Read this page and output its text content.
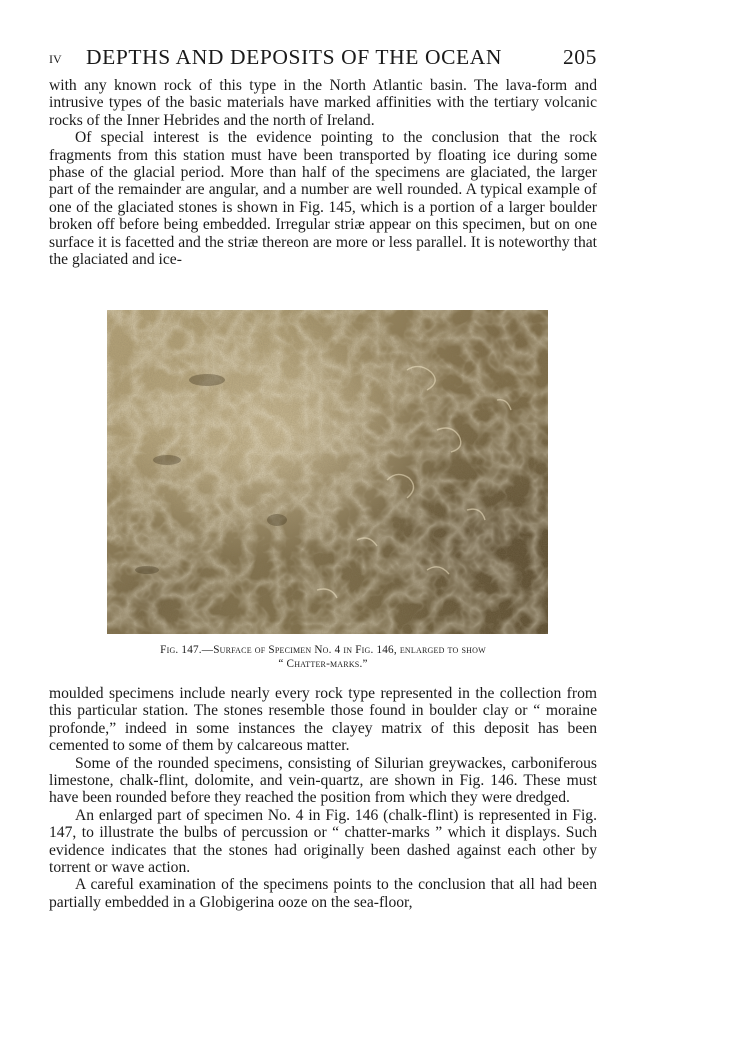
IV DEPTHS AND DEPOSITS OF THE OCEAN	205

with any known rock of this type in the North Atlantic basin. The lava-form and intrusive types of the basic materials have marked affinities with the tertiary volcanic rocks of the Inner Hebrides and the north of Ireland.

Of special interest is the evidence pointing to the conclusion that the rock fragments from this station must have been transported by floating ice during some phase of the glacial period. More than half of the specimens are glaciated, the larger part of the remainder are angular, and a number are well rounded. A typical example of one of the glaciated stones is shown in Fig. 145, which is a portion of a larger boulder broken off before being embedded. Irregular striæ appear on this specimen, but on one surface it is facetted and the striæ thereon are more or less parallel. It is noteworthy that the glaciated and ice-

Fig. 147.—Surface of Specimen No. 4 in Fig. 146, enlarged to show
“ Chatter-marks.”

moulded specimens include nearly every rock type represented in the collection from this particular station. The stones resemble those found in boulder clay or “ moraine profonde,” indeed in some instances the clayey matrix of this deposit has been cemented to some of them by calcareous matter.

Some of the rounded specimens, consisting of Silurian greywackes, carboniferous limestone, chalk-flint, dolomite, and vein-quartz, are shown in Fig. 146. These must have been rounded before they reached the position from which they were dredged.

An enlarged part of specimen No. 4 in Fig. 146 (chalk-flint) is represented in Fig. 147, to illustrate the bulbs of percussion or “ chatter-marks ” which it displays. Such evidence indicates that the stones had originally been dashed against each other by torrent or wave action.

A careful examination of the specimens points to the conclusion that all had been partially embedded in a Globigerina ooze on the sea-floor,
